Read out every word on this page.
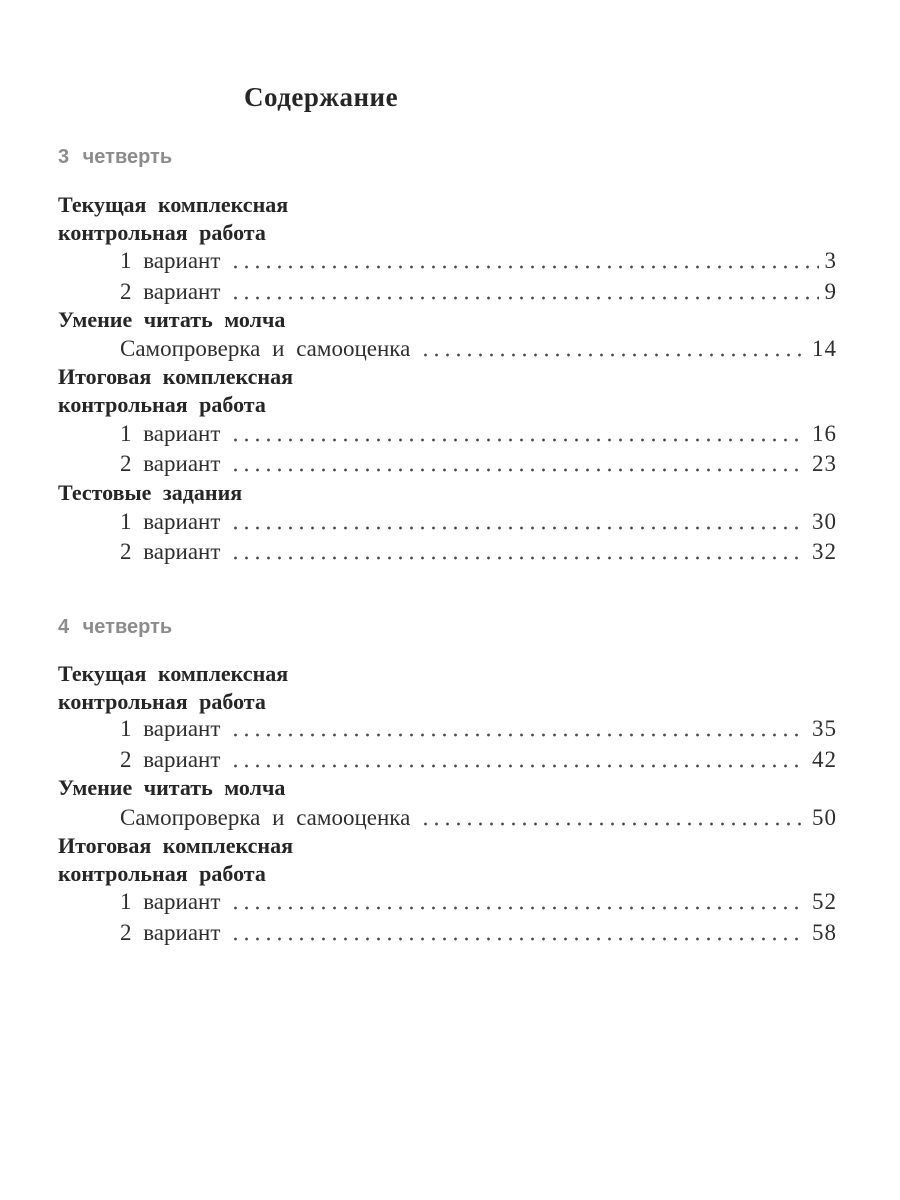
Содержание
3 четверть
Текущая комплексная
контрольная работа
1 вариант	3
2 вариант	9
Умение читать молча
Самопроверка и самооценка	14
Итоговая комплексная
контрольная работа
1 вариант	16
2 вариант	23
Тестовые задания
1 вариант	30
2 вариант	32
4 четверть
Текущая комплексная
контрольная работа
1 вариант	35
2 вариант	42
Умение читать молча
Самопроверка и самооценка	50
Итоговая комплексная
контрольная работа
1 вариант	52
2 вариант	58
